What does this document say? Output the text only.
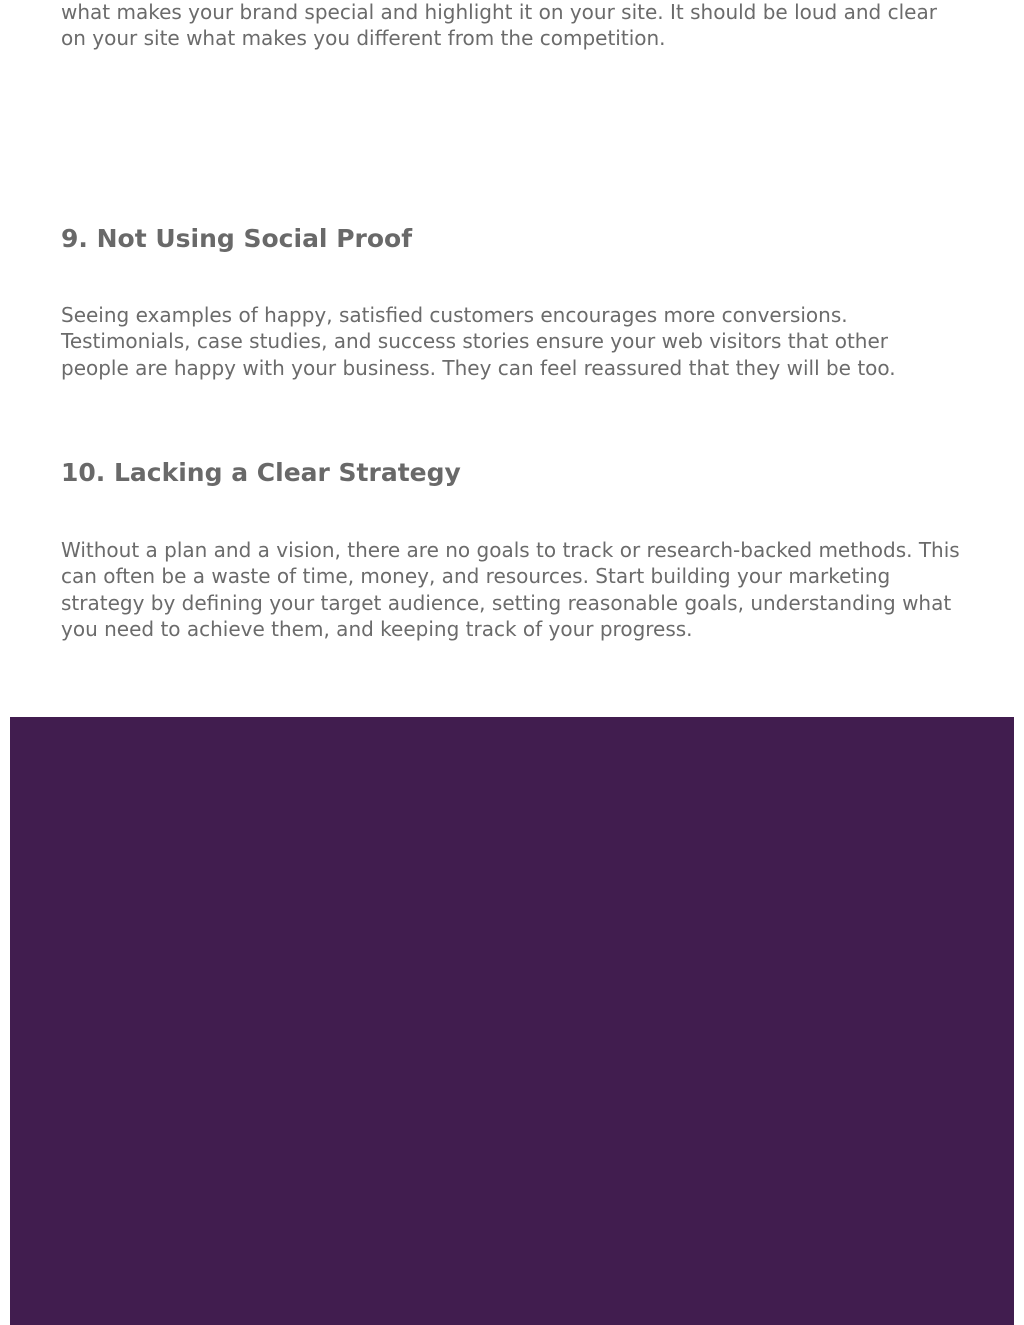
what makes your brand special and highlight it on your site. It should be loud and clear on your site what makes you different from the competition.

9. Not Using Social Proof

Seeing examples of happy, satisfied customers encourages more conversions. Testimonials, case studies, and success stories ensure your web visitors that other people are happy with your business. They can feel reassured that they will be too.

10. Lacking a Clear Strategy

Without a plan and a vision, there are no goals to track or research-backed methods. This can often be a waste of time, money, and resources. Start building your marketing strategy by defining your target audience, setting reasonable goals, understanding what you need to achieve them, and keeping track of your progress.
